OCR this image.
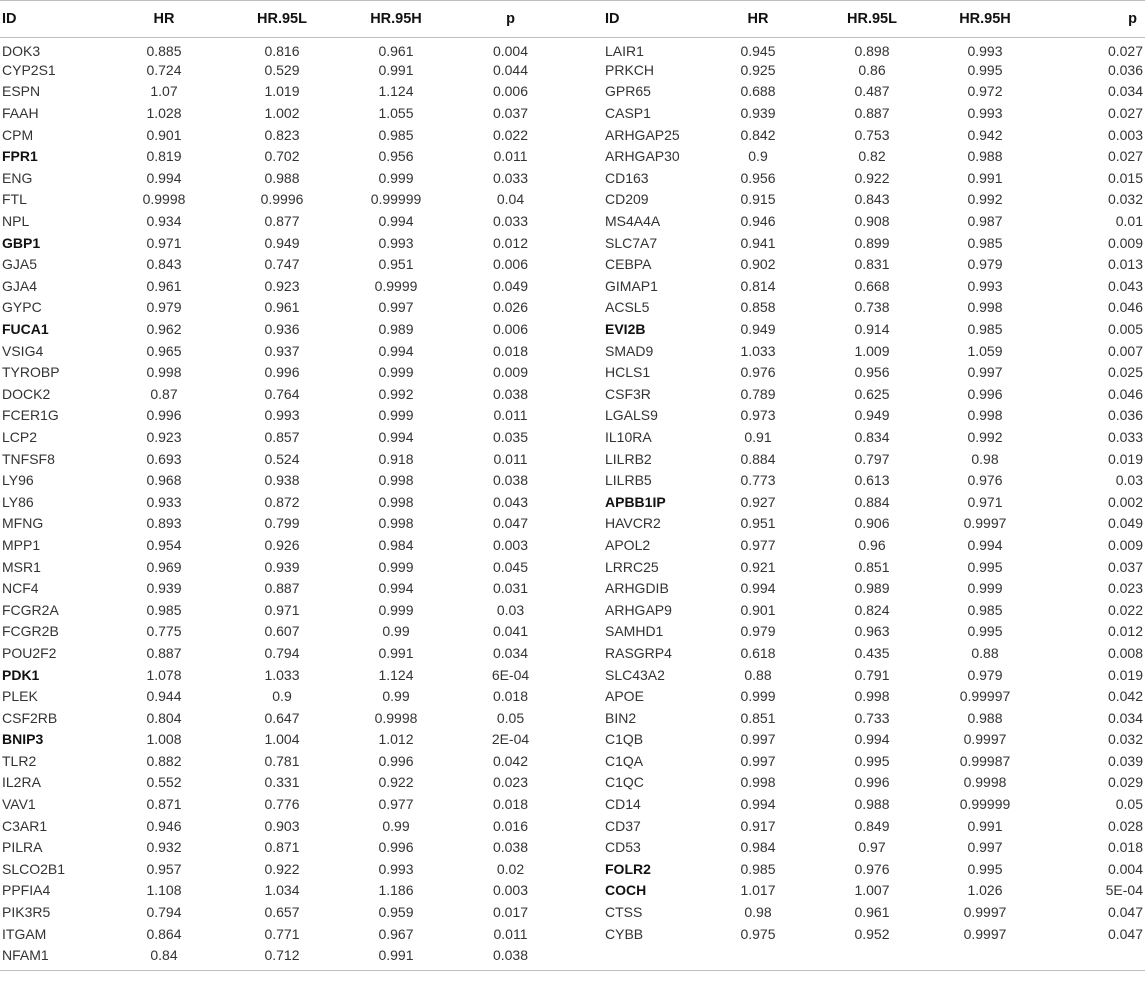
ID	HR	HR.95L	HR.95H	p	ID	HR	HR.95L	HR.95H	p
DOK3	0.885	0.816	0.961	0.004	LAIR1	0.945	0.898	0.993	0.027
CYP2S1	0.724	0.529	0.991	0.044	PRKCH	0.925	0.86	0.995	0.036
ESPN	1.07	1.019	1.124	0.006	GPR65	0.688	0.487	0.972	0.034
FAAH	1.028	1.002	1.055	0.037	CASP1	0.939	0.887	0.993	0.027
CPM	0.901	0.823	0.985	0.022	ARHGAP25	0.842	0.753	0.942	0.003
FPR1	0.819	0.702	0.956	0.011	ARHGAP30	0.9	0.82	0.988	0.027
ENG	0.994	0.988	0.999	0.033	CD163	0.956	0.922	0.991	0.015
FTL	0.9998	0.9996	0.99999	0.04	CD209	0.915	0.843	0.992	0.032
NPL	0.934	0.877	0.994	0.033	MS4A4A	0.946	0.908	0.987	0.01
GBP1	0.971	0.949	0.993	0.012	SLC7A7	0.941	0.899	0.985	0.009
GJA5	0.843	0.747	0.951	0.006	CEBPA	0.902	0.831	0.979	0.013
GJA4	0.961	0.923	0.9999	0.049	GIMAP1	0.814	0.668	0.993	0.043
GYPC	0.979	0.961	0.997	0.026	ACSL5	0.858	0.738	0.998	0.046
FUCA1	0.962	0.936	0.989	0.006	EVI2B	0.949	0.914	0.985	0.005
VSIG4	0.965	0.937	0.994	0.018	SMAD9	1.033	1.009	1.059	0.007
TYROBP	0.998	0.996	0.999	0.009	HCLS1	0.976	0.956	0.997	0.025
DOCK2	0.87	0.764	0.992	0.038	CSF3R	0.789	0.625	0.996	0.046
FCER1G	0.996	0.993	0.999	0.011	LGALS9	0.973	0.949	0.998	0.036
LCP2	0.923	0.857	0.994	0.035	IL10RA	0.91	0.834	0.992	0.033
TNFSF8	0.693	0.524	0.918	0.011	LILRB2	0.884	0.797	0.98	0.019
LY96	0.968	0.938	0.998	0.038	LILRB5	0.773	0.613	0.976	0.03
LY86	0.933	0.872	0.998	0.043	APBB1IP	0.927	0.884	0.971	0.002
MFNG	0.893	0.799	0.998	0.047	HAVCR2	0.951	0.906	0.9997	0.049
MPP1	0.954	0.926	0.984	0.003	APOL2	0.977	0.96	0.994	0.009
MSR1	0.969	0.939	0.999	0.045	LRRC25	0.921	0.851	0.995	0.037
NCF4	0.939	0.887	0.994	0.031	ARHGDIB	0.994	0.989	0.999	0.023
FCGR2A	0.985	0.971	0.999	0.03	ARHGAP9	0.901	0.824	0.985	0.022
FCGR2B	0.775	0.607	0.99	0.041	SAMHD1	0.979	0.963	0.995	0.012
POU2F2	0.887	0.794	0.991	0.034	RASGRP4	0.618	0.435	0.88	0.008
PDK1	1.078	1.033	1.124	6E-04	SLC43A2	0.88	0.791	0.979	0.019
PLEK	0.944	0.9	0.99	0.018	APOE	0.999	0.998	0.99997	0.042
CSF2RB	0.804	0.647	0.9998	0.05	BIN2	0.851	0.733	0.988	0.034
BNIP3	1.008	1.004	1.012	2E-04	C1QB	0.997	0.994	0.9997	0.032
TLR2	0.882	0.781	0.996	0.042	C1QA	0.997	0.995	0.99987	0.039
IL2RA	0.552	0.331	0.922	0.023	C1QC	0.998	0.996	0.9998	0.029
VAV1	0.871	0.776	0.977	0.018	CD14	0.994	0.988	0.99999	0.05
C3AR1	0.946	0.903	0.99	0.016	CD37	0.917	0.849	0.991	0.028
PILRA	0.932	0.871	0.996	0.038	CD53	0.984	0.97	0.997	0.018
SLCO2B1	0.957	0.922	0.993	0.02	FOLR2	0.985	0.976	0.995	0.004
PPFIA4	1.108	1.034	1.186	0.003	COCH	1.017	1.007	1.026	5E-04
PIK3R5	0.794	0.657	0.959	0.017	CTSS	0.98	0.961	0.9997	0.047
ITGAM	0.864	0.771	0.967	0.011	CYBB	0.975	0.952	0.9997	0.047
NFAM1	0.84	0.712	0.991	0.038					
